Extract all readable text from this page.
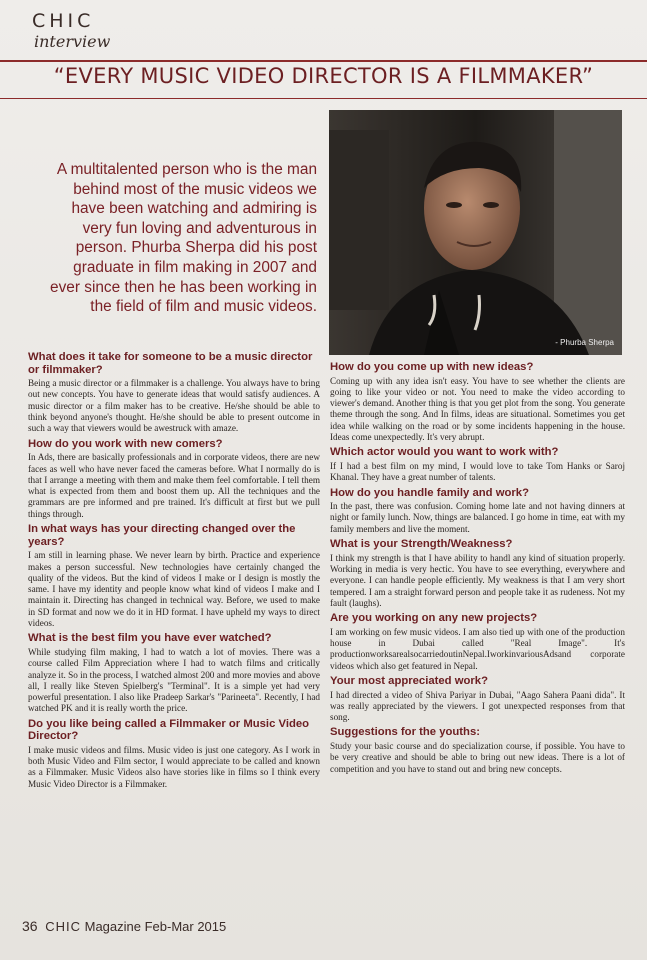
CHIC
interview
“EVERY MUSIC VIDEO DIRECTOR IS A FILMMAKER”
A multitalented person who is the man behind most of the music videos we have been watching and admiring is very fun loving and adventurous in person. Phurba Sherpa did his post graduate in film making in 2007 and ever since then he has been working in the field of film and music videos.
- Phurba Sherpa
What does it take for someone to be a music director or filmmaker?
Being a music director or a filmmaker is a challenge. You always have to bring out new concepts. You have to generate ideas that would satisfy audiences. A music director or a film maker has to be creative. He/she should be able to think beyond anyone's thought. He/she should be able to present outcome in such a way that viewers would be awestruck with amaze.
How do you work with new comers?
In Ads, there are basically professionals and in corporate videos, there are new faces as well who have never faced the cameras before. What I normally do is that I arrange a meeting with them and make them feel comfortable. I tell them what is expected from them and boost them up. All the techniques and the grammars are pre informed and pre trained. It's difficult at first but we pull things through.
In what ways has your directing changed over the years?
I am still in learning phase. We never learn by birth. Practice and experience makes a person successful. New technologies have certainly changed the quality of the videos. But the kind of videos I make or I design is mostly the same. I have my identity and people know what kind of videos I make and I maintain it. Directing has changed in technical way. Before, we used to make in SD format and now we do it in HD format. I have upheld my ways to direct videos.
What is the best film you have ever watched?
While studying film making, I had to watch a lot of movies. There was a course called Film Appreciation where I had to watch films and critically analyze it. So in the process, I watched almost 200 and more movies and above all, I really like Steven Spielberg's "Terminal". It is a simple yet had very powerful presentation. I also like Pradeep Sarkar's "Parineeta". Recently, I had watched PK and it is really worth the price.
Do you like being called a Filmmaker or Music Video Director?
I make music videos and films. Music video is just one category. As I work in both Music Video and Film sector, I would appreciate to be called and known as a Filmmaker. Music Videos also have stories like in films so I think every Music Video Director is a Filmmaker.
How do you come up with new ideas?
Coming up with any idea isn't easy. You have to see whether the clients are going to like your video or not. You need to make the video according to viewer's demand. Another thing is that you get plot from the song. You generate theme through the song. And In films, ideas are situational. Sometimes you get idea while walking on the road or by some incidents happening in the house. Ideas come unexpectedly. It's very abrupt.
Which actor would you want to work with?
If I had a best film on my mind, I would love to take Tom Hanks or Saroj Khanal. They have a great number of talents.
How do you handle family and work?
In the past, there was confusion. Coming home late and not having dinners at night or family lunch. Now, things are balanced. I go home in time, eat with my family members and live the moment.
What is your Strength/Weakness?
I think my strength is that I have ability to handl any kind of situation properly. Working in media is very hectic. You have to see everything, everywhere and everyone. I can handle people efficiently. My weakness is that I am very short tempered. I am a straight forward person and people take it as rudeness. Not my fault (laughs).
Are you working on any new projects?
I am working on few music videos. I am also tied up with one of the production house in Dubai called "Real Image". It's productionworksarealsocarriedoutinNepal.IworkinvariousAdsand corporate videos which also get featured in Nepal.
Your most appreciated work?
I had directed a video of Shiva Pariyar in Dubai, "Aago Sahera Paani dida". It was really appreciated by the viewers. I got unexpected responses from that song.
Suggestions for the youths:
Study your basic course and do specialization course, if possible. You have to be very creative and should be able to bring out new ideas. There is a lot of competition and you have to stand out and bring new concepts.
36 CHIC Magazine Feb-Mar 2015
